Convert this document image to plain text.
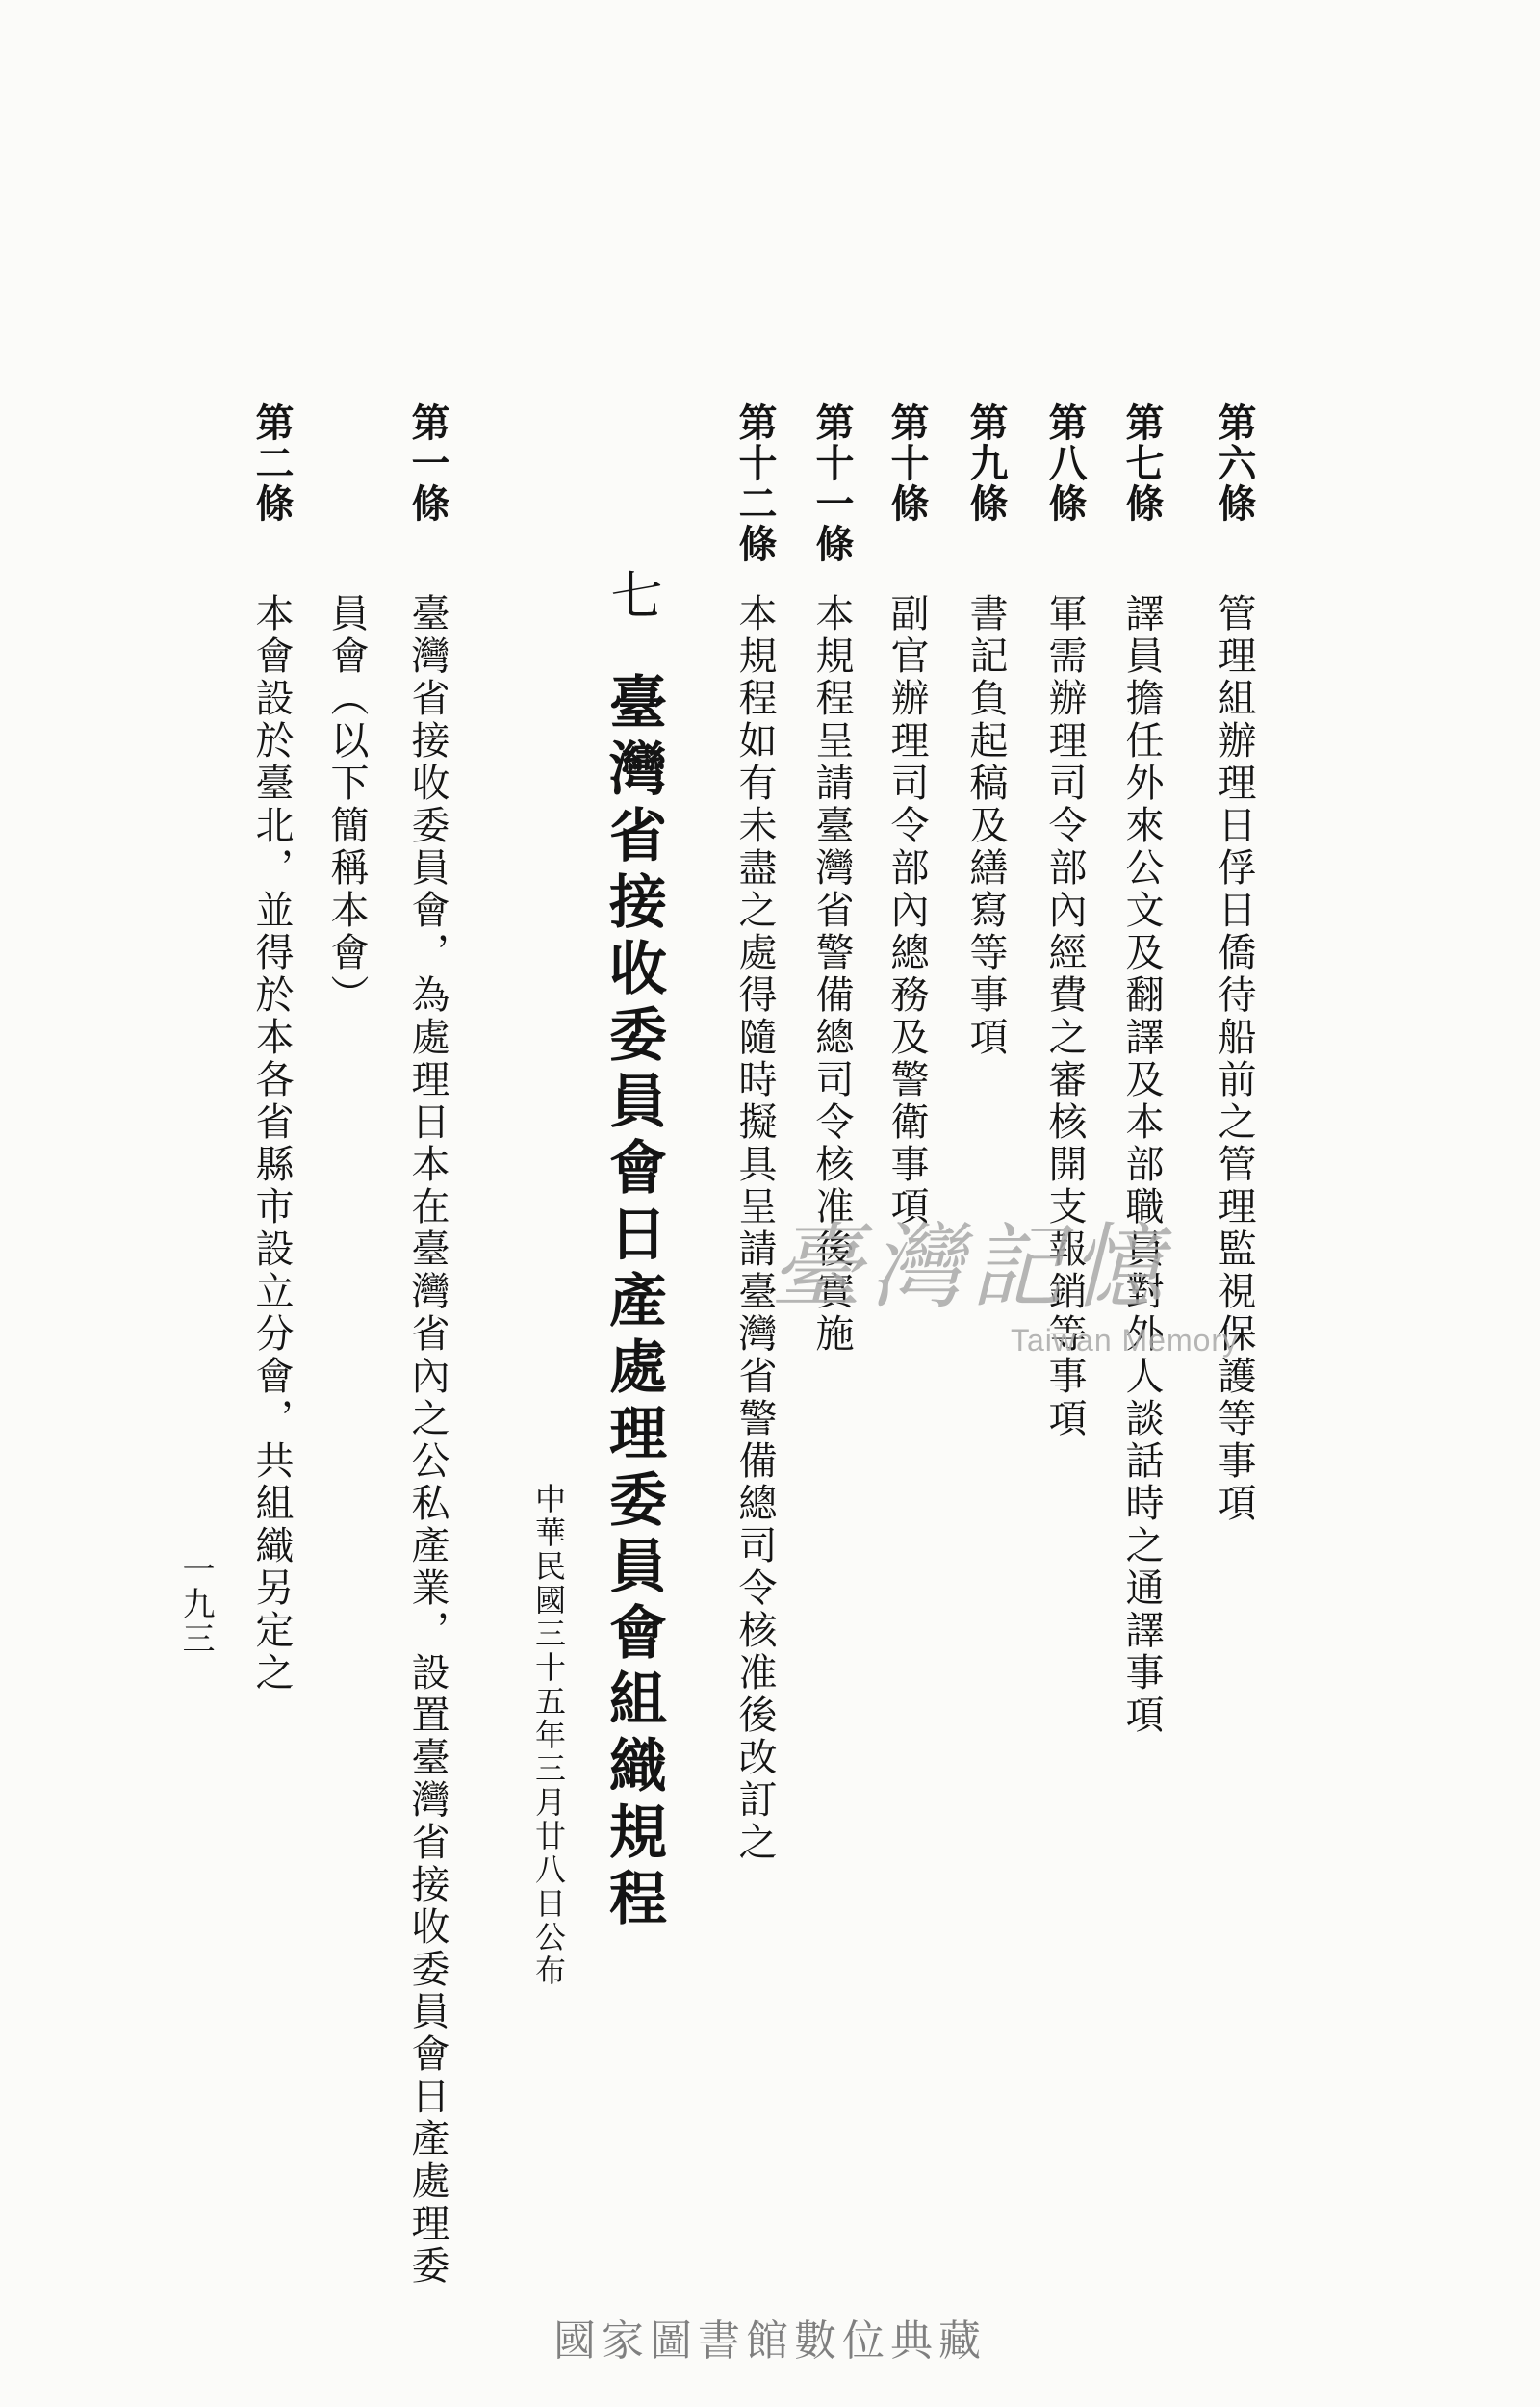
第六條
管理組辦理日俘日僑待船前之管理監視保護等事項
第七條
譯員擔任外來公文及翻譯及本部職員對外人談話時之通譯事項
第八條
軍需辦理司令部內經費之審核開支報銷等事項
第九條
書記負起稿及繕寫等事項
第十條
副官辦理司令部內總務及警衛事項
第十一條
本規程呈請臺灣省警備總司令核准後實施
第十二條
本規程如有未盡之處得隨時擬具呈請臺灣省警備總司令核准後改訂之
七
臺灣省接收委員會日產處理委員會組織規程
中華民國三十五年三月廿八日公布
第一條
臺灣省接收委員會，為處理日本在臺灣省內之公私產業，設置臺灣省接收委員會日產處理委
員會（以下簡稱本會）
第二條
本會設於臺北，並得於本各省縣市設立分會，共組織另定之
一九三
臺灣記憶
Taiwan Memory
國家圖書館數位典藏
